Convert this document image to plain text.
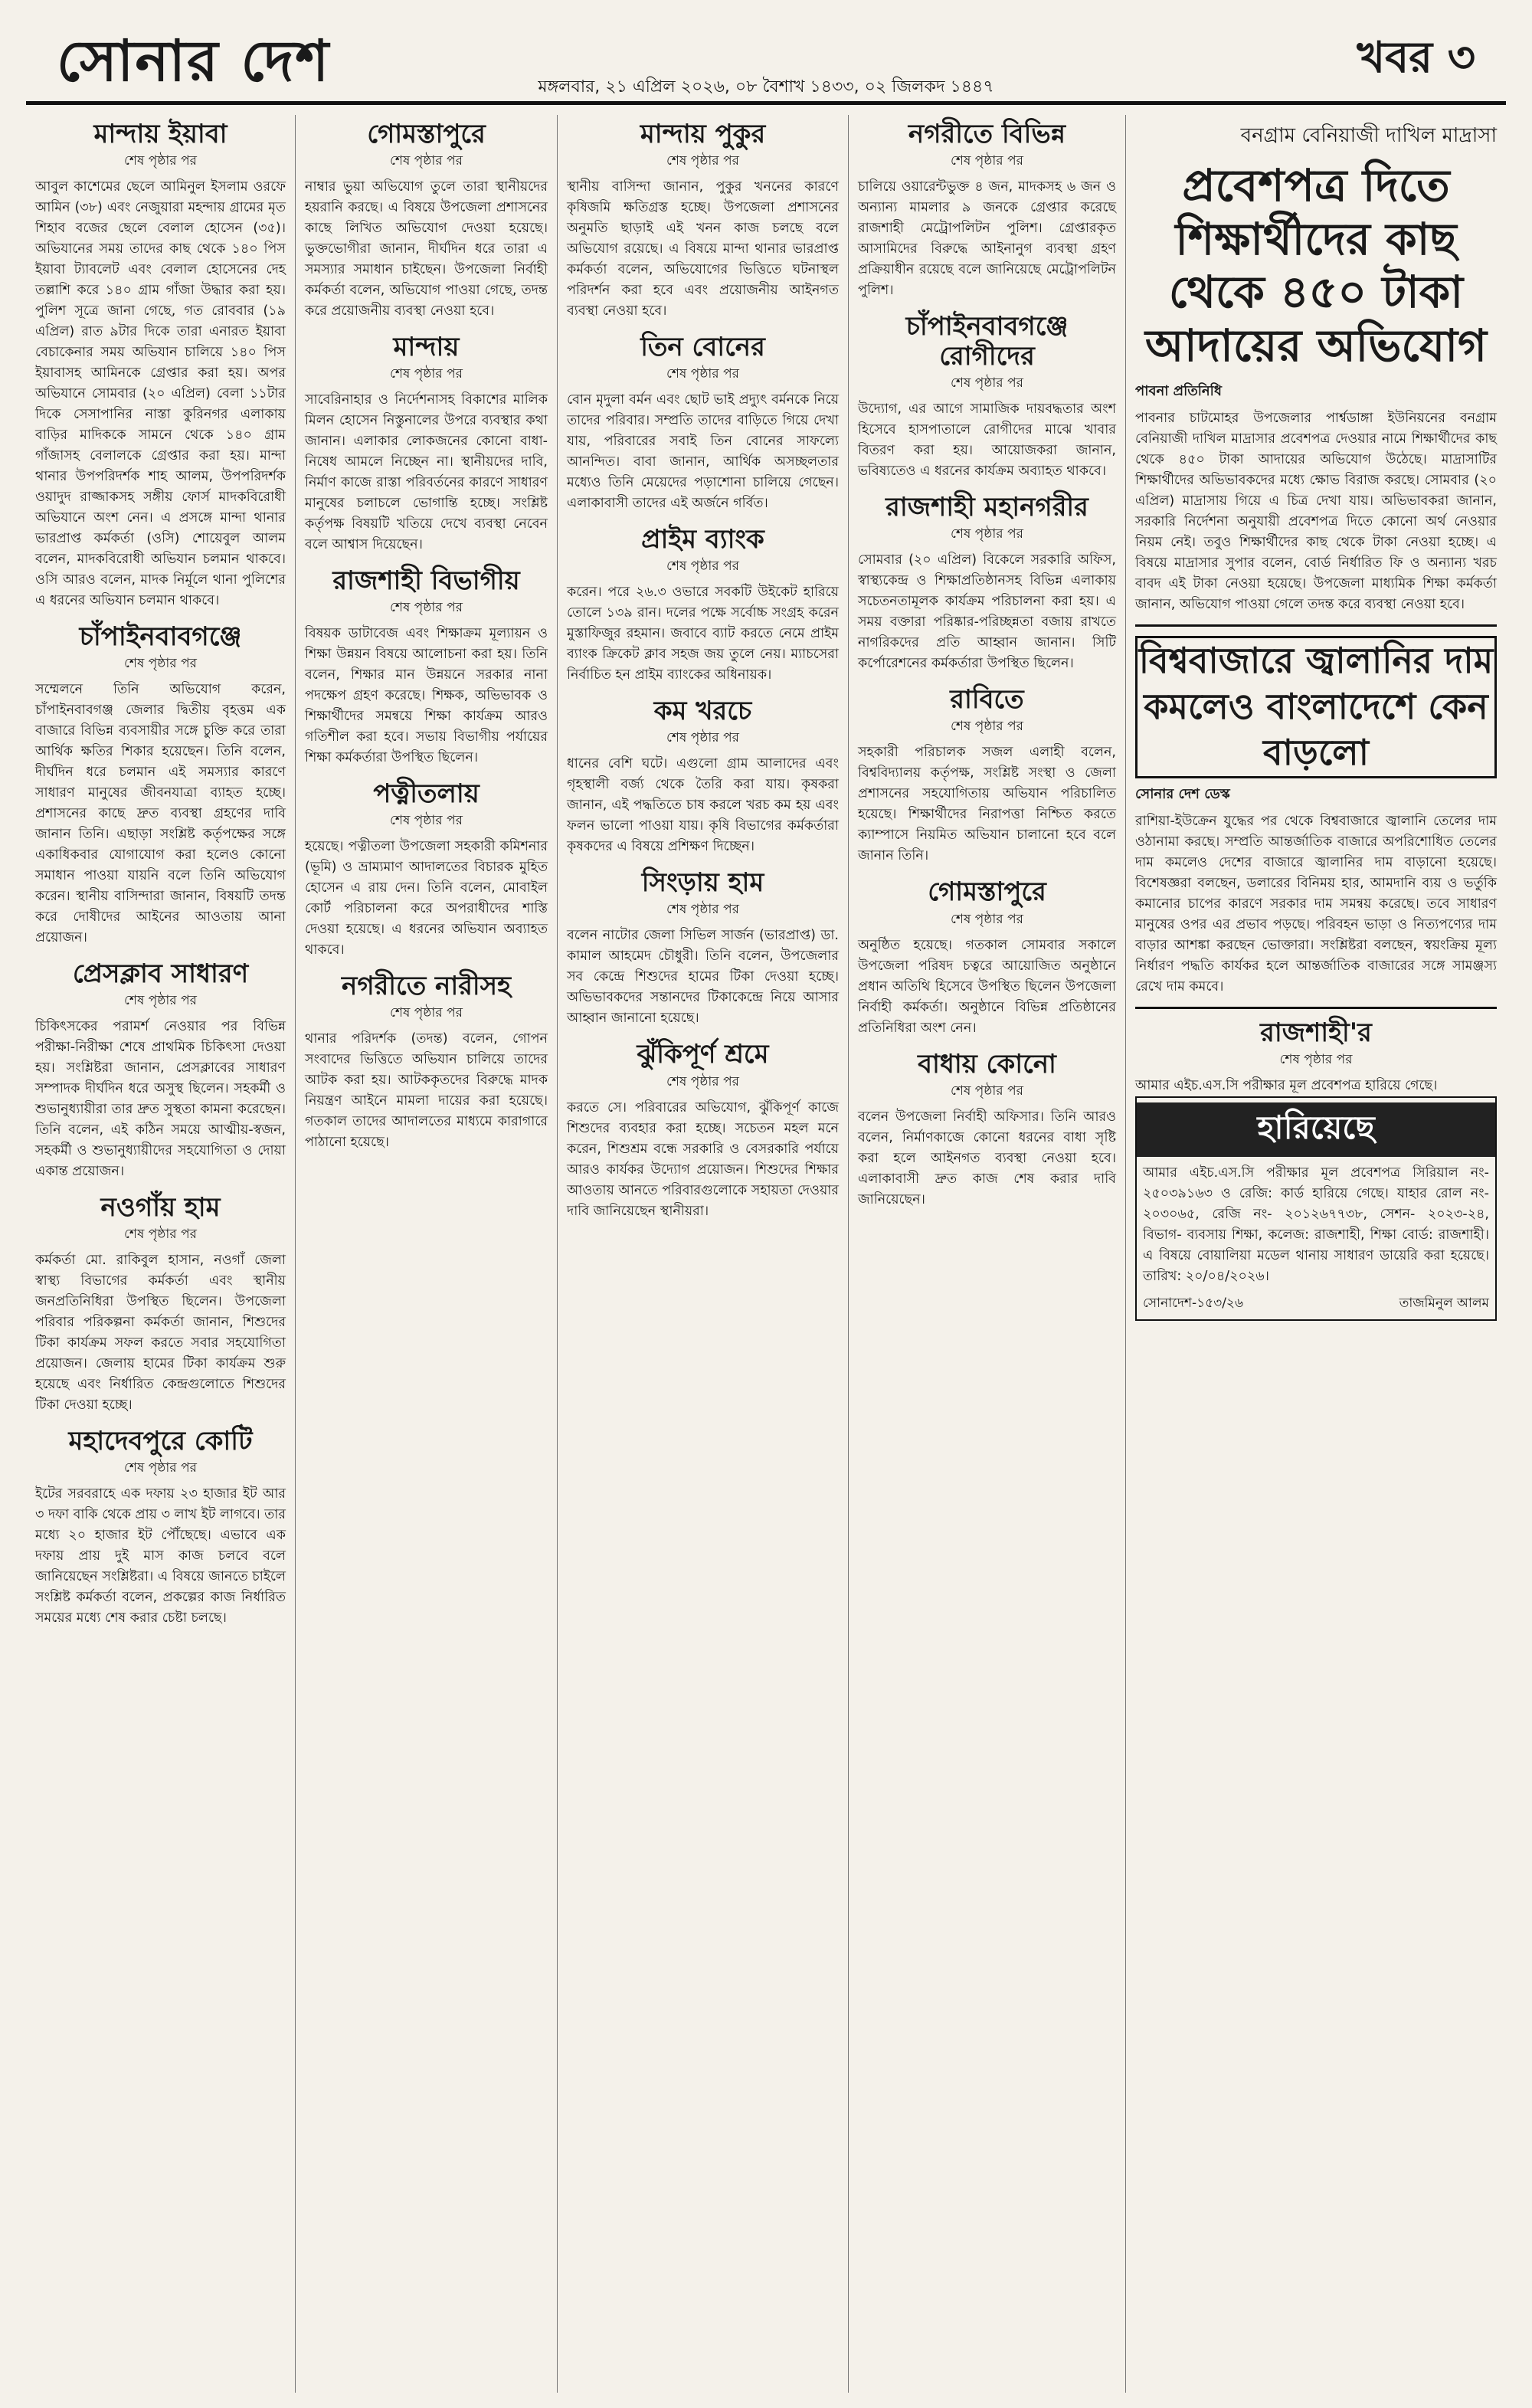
সোনার দেশ	মঙ্গলবার, ২১ এপ্রিল ২০২৬, ০৮ বৈশাখ ১৪৩৩, ০২ জিলকদ ১৪৪৭
খবর ৩
মান্দায় ইয়াবা
শেষ পৃষ্ঠার পর

আবুল কাশেমের ছেলে আমিনুল ইসলাম ওরফে আমিন (৩৮) এবং নেজুয়ারা মহন্দায় গ্রামের মৃত শিহাব বজের ছেলে বেলাল হোসেন (৩৫)। অভিযানের সময় তাদের কাছ থেকে ১৪০ পিস ইয়াবা ট্যাবলেট এবং বেলাল হোসেনের দেহ তল্লাশি করে ১৪০ গ্রাম গাঁজা উদ্ধার করা হয়। পুলিশ সূত্রে জানা গেছে, গত রোববার (১৯ এপ্রিল) রাত ৯টার দিকে তারা এনারত ইয়াবা বেচাকেনার সময় অভিযান চালিয়ে ১৪০ পিস ইয়াবাসহ আমিনকে গ্রেপ্তার করা হয়। অপর অভিযানে সোমবার (২০ এপ্রিল) বেলা ১১টার দিকে সেসাপানির নাস্তা কুরিনগর এলাকায় বাড়ির মাদিককে সামনে থেকে ১৪০ গ্রাম গাঁজাসহ বেলালকে গ্রেপ্তার করা হয়। মান্দা থানার উপপরিদর্শক শাহ আলম, উপপরিদর্শক ওয়াদুদ রাজ্জাকসহ সঙ্গীয় ফোর্স মাদকবিরোধী অভিযানে অংশ নেন। এ প্রসঙ্গে মান্দা থানার ভারপ্রাপ্ত কর্মকর্তা (ওসি) শোয়েবুল আলম বলেন, মাদকবিরোধী অভিযান চলমান থাকবে। ওসি আরও বলেন, মাদক নির্মূলে থানা পুলিশের এ ধরনের অভিযান চলমান থাকবে।

চাঁপাইনবাবগঞ্জে
শেষ পৃষ্ঠার পর

সম্মেলনে তিনি অভিযোগ করেন, চাঁপাইনবাবগঞ্জ জেলার দ্বিতীয় বৃহত্তম এক বাজারে বিভিন্ন ব্যবসায়ীর সঙ্গে চুক্তি করে তারা আর্থিক ক্ষতির শিকার হয়েছেন। তিনি বলেন, দীর্ঘদিন ধরে চলমান এই সমস্যার কারণে সাধারণ মানুষের জীবনযাত্রা ব্যাহত হচ্ছে। প্রশাসনের কাছে দ্রুত ব্যবস্থা গ্রহণের দাবি জানান তিনি। এছাড়া সংশ্লিষ্ট কর্তৃপক্ষের সঙ্গে একাধিকবার যোগাযোগ করা হলেও কোনো সমাধান পাওয়া যায়নি বলে তিনি অভিযোগ করেন। স্থানীয় বাসিন্দারা জানান, বিষয়টি তদন্ত করে দোষীদের আইনের আওতায় আনা প্রয়োজন।

প্রেসক্লাব সাধারণ
শেষ পৃষ্ঠার পর

চিকিৎসকের পরামর্শ নেওয়ার পর বিভিন্ন পরীক্ষা-নিরীক্ষা শেষে প্রাথমিক চিকিৎসা দেওয়া হয়। সংশ্লিষ্টরা জানান, প্রেসক্লাবের সাধারণ সম্পাদক দীর্ঘদিন ধরে অসুস্থ ছিলেন। সহকর্মী ও শুভানুধ্যায়ীরা তার দ্রুত সুস্থতা কামনা করেছেন। তিনি বলেন, এই কঠিন সময়ে আত্মীয়-স্বজন, সহকর্মী ও শুভানুধ্যায়ীদের সহযোগিতা ও দোয়া একান্ত প্রয়োজন।

নওগাঁয় হাম
শেষ পৃষ্ঠার পর

কর্মকর্তা মো. রাকিবুল হাসান, নওগাঁ জেলা স্বাস্থ্য বিভাগের কর্মকর্তা এবং স্থানীয় জনপ্রতিনিধিরা উপস্থিত ছিলেন। উপজেলা পরিবার পরিকল্পনা কর্মকর্তা জানান, শিশুদের টিকা কার্যক্রম সফল করতে সবার সহযোগিতা প্রয়োজন। জেলায় হামের টিকা কার্যক্রম শুরু হয়েছে এবং নির্ধারিত কেন্দ্রগুলোতে শিশুদের টিকা দেওয়া হচ্ছে।

মহাদেবপুরে কোটি
শেষ পৃষ্ঠার পর

ইটের সরবরাহে এক দফায় ২৩ হাজার ইট আর ৩ দফা বাকি থেকে প্রায় ৩ লাখ ইট লাগবে। তার মধ্যে ২০ হাজার ইট পৌঁছেছে। এভাবে এক দফায় প্রায় দুই মাস কাজ চলবে বলে জানিয়েছেন সংশ্লিষ্টরা। এ বিষয়ে জানতে চাইলে সংশ্লিষ্ট কর্মকর্তা বলেন, প্রকল্পের কাজ নির্ধারিত সময়ের মধ্যে শেষ করার চেষ্টা চলছে।

গোমস্তাপুরে
শেষ পৃষ্ঠার পর

নাম্বার ভুয়া অভিযোগ তুলে তারা স্থানীয়দের হয়রানি করছে। এ বিষয়ে উপজেলা প্রশাসনের কাছে লিখিত অভিযোগ দেওয়া হয়েছে। ভুক্তভোগীরা জানান, দীর্ঘদিন ধরে তারা এ সমস্যার সমাধান চাইছেন। উপজেলা নির্বাহী কর্মকর্তা বলেন, অভিযোগ পাওয়া গেছে, তদন্ত করে প্রয়োজনীয় ব্যবস্থা নেওয়া হবে।

মান্দায়
শেষ পৃষ্ঠার পর

সাবেরিনাহার ও নির্দেশনাসহ বিকাশের মালিক মিলন হোসেন নিস্তুনালের উপরে ব্যবস্থার কথা জানান। এলাকার লোকজনের কোনো বাধা-নিষেধ আমলে নিচ্ছেন না। স্থানীয়দের দাবি, নির্মাণ কাজে রাস্তা পরিবর্তনের কারণে সাধারণ মানুষের চলাচলে ভোগান্তি হচ্ছে। সংশ্লিষ্ট কর্তৃপক্ষ বিষয়টি খতিয়ে দেখে ব্যবস্থা নেবেন বলে আশ্বাস দিয়েছেন।

রাজশাহী বিভাগীয়
শেষ পৃষ্ঠার পর

বিষয়ক ডাটাবেজ এবং শিক্ষাক্রম মূল্যায়ন ও শিক্ষা উন্নয়ন বিষয়ে আলোচনা করা হয়। তিনি বলেন, শিক্ষার মান উন্নয়নে সরকার নানা পদক্ষেপ গ্রহণ করেছে। শিক্ষক, অভিভাবক ও শিক্ষার্থীদের সমন্বয়ে শিক্ষা কার্যক্রম আরও গতিশীল করা হবে। সভায় বিভাগীয় পর্যায়ের শিক্ষা কর্মকর্তারা উপস্থিত ছিলেন।

পত্নীতলায়
শেষ পৃষ্ঠার পর

হয়েছে। পত্নীতলা উপজেলা সহকারী কমিশনার (ভূমি) ও ভ্রাম্যমাণ আদালতের বিচারক মুহিত হোসেন এ রায় দেন। তিনি বলেন, মোবাইল কোর্ট পরিচালনা করে অপরাধীদের শাস্তি দেওয়া হয়েছে। এ ধরনের অভিযান অব্যাহত থাকবে।

নগরীতে নারীসহ
শেষ পৃষ্ঠার পর

থানার পরিদর্শক (তদন্ত) বলেন, গোপন সংবাদের ভিত্তিতে অভিযান চালিয়ে তাদের আটক করা হয়। আটককৃতদের বিরুদ্ধে মাদক নিয়ন্ত্রণ আইনে মামলা দায়ের করা হয়েছে। গতকাল তাদের আদালতের মাধ্যমে কারাগারে পাঠানো হয়েছে।

মান্দায় পুকুর
শেষ পৃষ্ঠার পর

স্থানীয় বাসিন্দা জানান, পুকুর খননের কারণে কৃষিজমি ক্ষতিগ্রস্ত হচ্ছে। উপজেলা প্রশাসনের অনুমতি ছাড়াই এই খনন কাজ চলছে বলে অভিযোগ রয়েছে। এ বিষয়ে মান্দা থানার ভারপ্রাপ্ত কর্মকর্তা বলেন, অভিযোগের ভিত্তিতে ঘটনাস্থল পরিদর্শন করা হবে এবং প্রয়োজনীয় আইনগত ব্যবস্থা নেওয়া হবে।

তিন বোনের
শেষ পৃষ্ঠার পর

বোন মৃদুলা বর্মন এবং ছোট ভাই প্রদ্যুৎ বর্মনকে নিয়ে তাদের পরিবার। সম্প্রতি তাদের বাড়িতে গিয়ে দেখা যায়, পরিবারের সবাই তিন বোনের সাফল্যে আনন্দিত। বাবা জানান, আর্থিক অসচ্ছলতার মধ্যেও তিনি মেয়েদের পড়াশোনা চালিয়ে গেছেন। এলাকাবাসী তাদের এই অর্জনে গর্বিত।

প্রাইম ব্যাংক
শেষ পৃষ্ঠার পর

করেন। পরে ২৬.৩ ওভারে সবকটি উইকেট হারিয়ে তোলে ১৩৯ রান। দলের পক্ষে সর্বোচ্চ সংগ্রহ করেন মুস্তাফিজুর রহমান। জবাবে ব্যাট করতে নেমে প্রাইম ব্যাংক ক্রিকেট ক্লাব সহজ জয় তুলে নেয়। ম্যাচসেরা নির্বাচিত হন প্রাইম ব্যাংকের অধিনায়ক।

কম খরচে
শেষ পৃষ্ঠার পর

ধানের বেশি ঘটে। এগুলো গ্রাম আলাদের এবং গৃহস্থালী বর্জ্য থেকে তৈরি করা যায়। কৃষকরা জানান, এই পদ্ধতিতে চাষ করলে খরচ কম হয় এবং ফলন ভালো পাওয়া যায়। কৃষি বিভাগের কর্মকর্তারা কৃষকদের এ বিষয়ে প্রশিক্ষণ দিচ্ছেন।

সিংড়ায় হাম
শেষ পৃষ্ঠার পর

বলেন নাটোর জেলা সিভিল সার্জন (ভারপ্রাপ্ত) ডা. কামাল আহমেদ চৌধুরী। তিনি বলেন, উপজেলার সব কেন্দ্রে শিশুদের হামের টিকা দেওয়া হচ্ছে। অভিভাবকদের সন্তানদের টিকাকেন্দ্রে নিয়ে আসার আহ্বান জানানো হয়েছে।

ঝুঁকিপূর্ণ শ্রমে
শেষ পৃষ্ঠার পর

করতে সে। পরিবারের অভিযোগ, ঝুঁকিপূর্ণ কাজে শিশুদের ব্যবহার করা হচ্ছে। সচেতন মহল মনে করেন, শিশুশ্রম বন্ধে সরকারি ও বেসরকারি পর্যায়ে আরও কার্যকর উদ্যোগ প্রয়োজন। শিশুদের শিক্ষার আওতায় আনতে পরিবারগুলোকে সহায়তা দেওয়ার দাবি জানিয়েছেন স্থানীয়রা।

নগরীতে বিভিন্ন
শেষ পৃষ্ঠার পর

চালিয়ে ওয়ারেন্টভুক্ত ৪ জন, মাদকসহ ৬ জন ও অন্যান্য মামলার ৯ জনকে গ্রেপ্তার করেছে রাজশাহী মেট্রোপলিটন পুলিশ। গ্রেপ্তারকৃত আসামিদের বিরুদ্ধে আইনানুগ ব্যবস্থা গ্রহণ প্রক্রিয়াধীন রয়েছে বলে জানিয়েছে মেট্রোপলিটন পুলিশ।

চাঁপাইনবাবগঞ্জে রোগীদের
শেষ পৃষ্ঠার পর

উদ্যোগ, এর আগে সামাজিক দায়বদ্ধতার অংশ হিসেবে হাসপাতালে রোগীদের মাঝে খাবার বিতরণ করা হয়। আয়োজকরা জানান, ভবিষ্যতেও এ ধরনের কার্যক্রম অব্যাহত থাকবে।

রাজশাহী মহানগরীর
শেষ পৃষ্ঠার পর

সোমবার (২০ এপ্রিল) বিকেলে সরকারি অফিস, স্বাস্থ্যকেন্দ্র ও শিক্ষাপ্রতিষ্ঠানসহ বিভিন্ন এলাকায় সচেতনতামূলক কার্যক্রম পরিচালনা করা হয়। এ সময় বক্তারা পরিষ্কার-পরিচ্ছন্নতা বজায় রাখতে নাগরিকদের প্রতি আহ্বান জানান। সিটি কর্পোরেশনের কর্মকর্তারা উপস্থিত ছিলেন।

রাবিতে
শেষ পৃষ্ঠার পর

সহকারী পরিচালক সজল এলাহী বলেন, বিশ্ববিদ্যালয় কর্তৃপক্ষ, সংশ্লিষ্ট সংস্থা ও জেলা প্রশাসনের সহযোগিতায় অভিযান পরিচালিত হয়েছে। শিক্ষার্থীদের নিরাপত্তা নিশ্চিত করতে ক্যাম্পাসে নিয়মিত অভিযান চালানো হবে বলে জানান তিনি।

গোমস্তাপুরে
শেষ পৃষ্ঠার পর

অনুষ্ঠিত হয়েছে। গতকাল সোমবার সকালে উপজেলা পরিষদ চত্বরে আয়োজিত অনুষ্ঠানে প্রধান অতিথি হিসেবে উপস্থিত ছিলেন উপজেলা নির্বাহী কর্মকর্তা। অনুষ্ঠানে বিভিন্ন প্রতিষ্ঠানের প্রতিনিধিরা অংশ নেন।

বাধায় কোনো
শেষ পৃষ্ঠার পর

বলেন উপজেলা নির্বাহী অফিসার। তিনি আরও বলেন, নির্মাণকাজে কোনো ধরনের বাধা সৃষ্টি করা হলে আইনগত ব্যবস্থা নেওয়া হবে। এলাকাবাসী দ্রুত কাজ শেষ করার দাবি জানিয়েছেন।

বনগ্রাম বেনিয়াজী দাখিল মাদ্রাসা
প্রবেশপত্র দিতে শিক্ষার্থীদের কাছ থেকে ৪৫০ টাকা আদায়ের অভিযোগ
পাবনা প্রতিনিধি

পাবনার চাটমোহর উপজেলার পার্শ্বডাঙ্গা ইউনিয়নের বনগ্রাম বেনিয়াজী দাখিল মাদ্রাসার প্রবেশপত্র দেওয়ার নামে শিক্ষার্থীদের কাছ থেকে ৪৫০ টাকা আদায়ের অভিযোগ উঠেছে। মাদ্রাসাটির শিক্ষার্থীদের অভিভাবকদের মধ্যে ক্ষোভ বিরাজ করছে। সোমবার (২০ এপ্রিল) মাদ্রাসায় গিয়ে এ চিত্র দেখা যায়। অভিভাবকরা জানান, সরকারি নির্দেশনা অনুযায়ী প্রবেশপত্র দিতে কোনো অর্থ নেওয়ার নিয়ম নেই। তবুও শিক্ষার্থীদের কাছ থেকে টাকা নেওয়া হচ্ছে। এ বিষয়ে মাদ্রাসার সুপার বলেন, বোর্ড নির্ধারিত ফি ও অন্যান্য খরচ বাবদ এই টাকা নেওয়া হয়েছে। উপজেলা মাধ্যমিক শিক্ষা কর্মকর্তা জানান, অভিযোগ পাওয়া গেলে তদন্ত করে ব্যবস্থা নেওয়া হবে।

বিশ্ববাজারে জ্বালানির দাম কমলেও বাংলাদেশে কেন বাড়লো
সোনার দেশ ডেস্ক

রাশিয়া-ইউক্রেন যুদ্ধের পর থেকে বিশ্ববাজারে জ্বালানি তেলের দাম ওঠানামা করছে। সম্প্রতি আন্তর্জাতিক বাজারে অপরিশোধিত তেলের দাম কমলেও দেশের বাজারে জ্বালানির দাম বাড়ানো হয়েছে। বিশেষজ্ঞরা বলছেন, ডলারের বিনিময় হার, আমদানি ব্যয় ও ভর্তুকি কমানোর চাপের কারণে সরকার দাম সমন্বয় করেছে। তবে সাধারণ মানুষের ওপর এর প্রভাব পড়ছে। পরিবহন ভাড়া ও নিত্যপণ্যের দাম বাড়ার আশঙ্কা করছেন ভোক্তারা। সংশ্লিষ্টরা বলছেন, স্বয়ংক্রিয় মূল্য নির্ধারণ পদ্ধতি কার্যকর হলে আন্তর্জাতিক বাজারের সঙ্গে সামঞ্জস্য রেখে দাম কমবে।

রাজশাহী'র
শেষ পৃষ্ঠার পর

আমার এইচ.এস.সি পরীক্ষার মূল প্রবেশপত্র হারিয়ে গেছে।

হারিয়েছে

আমার এইচ.এস.সি পরীক্ষার মূল প্রবেশপত্র সিরিয়াল নং- ২৫০৩৯১৬৩ ও রেজি: কার্ড হারিয়ে গেছে। যাহার রোল নং- ২০৩০৬৫, রেজি নং- ২০১২৬৭৭৩৮, সেশন- ২০২৩-২৪, বিভাগ- ব্যবসায় শিক্ষা, কলেজ: রাজশাহী, শিক্ষা বোর্ড: রাজশাহী। এ বিষয়ে বোয়ালিয়া মডেল থানায় সাধারণ ডায়েরি করা হয়েছে। তারিখ: ২০/০৪/২০২৬।

সোনাদেশ-১৫৩/২৬	তাজমিনুল আলম
